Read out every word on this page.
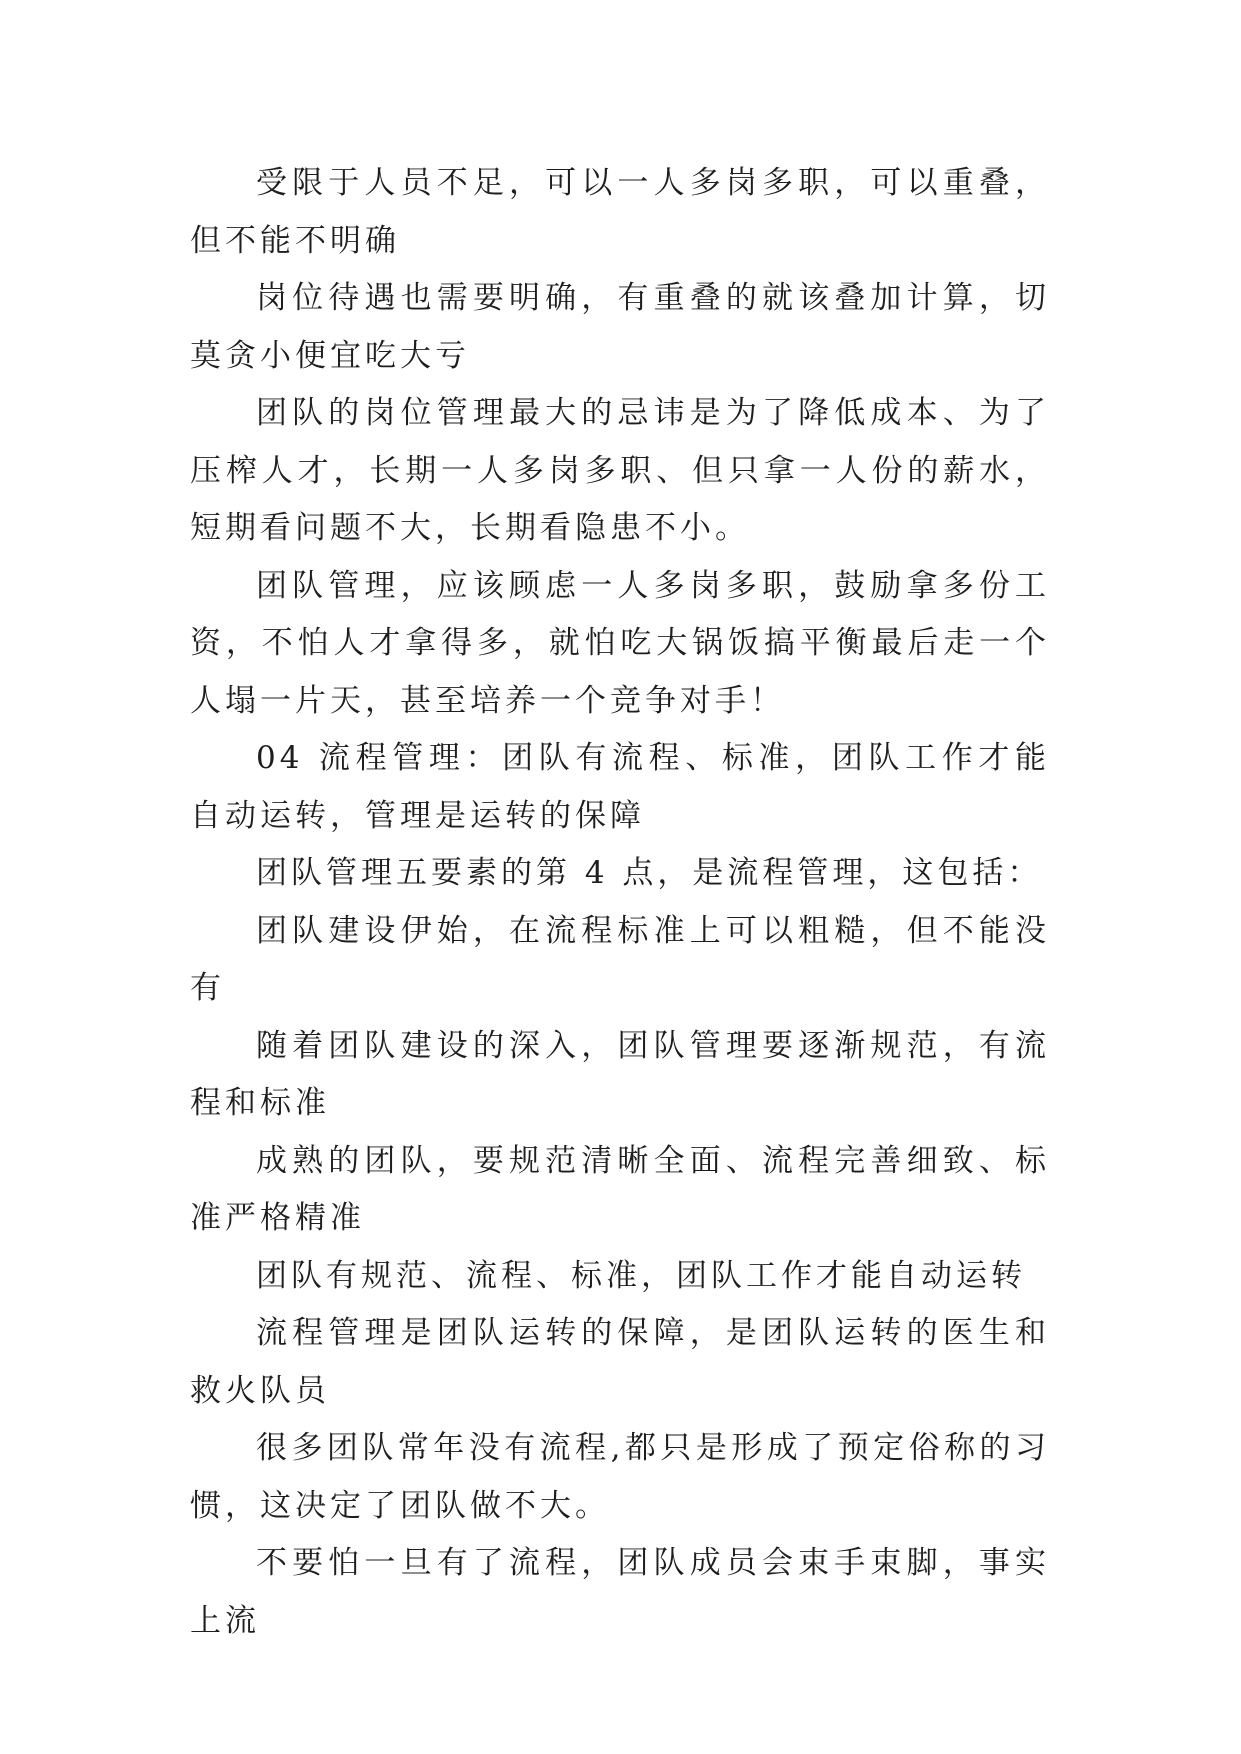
受限于人员不足，可以一人多岗多职，可以重叠，但不能不明确

岗位待遇也需要明确，有重叠的就该叠加计算，切莫贪小便宜吃大亏

团队的岗位管理最大的忌讳是为了降低成本、为了压榨人才，长期一人多岗多职、但只拿一人份的薪水，短期看问题不大，长期看隐患不小。

团队管理，应该顾虑一人多岗多职，鼓励拿多份工资，不怕人才拿得多，就怕吃大锅饭搞平衡最后走一个人塌一片天，甚至培养一个竞争对手！

04 流程管理：团队有流程、标准，团队工作才能自动运转，管理是运转的保障

团队管理五要素的第 4 点，是流程管理，这包括：

团队建设伊始，在流程标准上可以粗糙，但不能没有

随着团队建设的深入，团队管理要逐渐规范，有流程和标准

成熟的团队，要规范清晰全面、流程完善细致、标准严格精准

团队有规范、流程、标准，团队工作才能自动运转

流程管理是团队运转的保障，是团队运转的医生和救火队员

很多团队常年没有流程,都只是形成了预定俗称的习惯，这决定了团队做不大。

不要怕一旦有了流程，团队成员会束手束脚，事实上流
